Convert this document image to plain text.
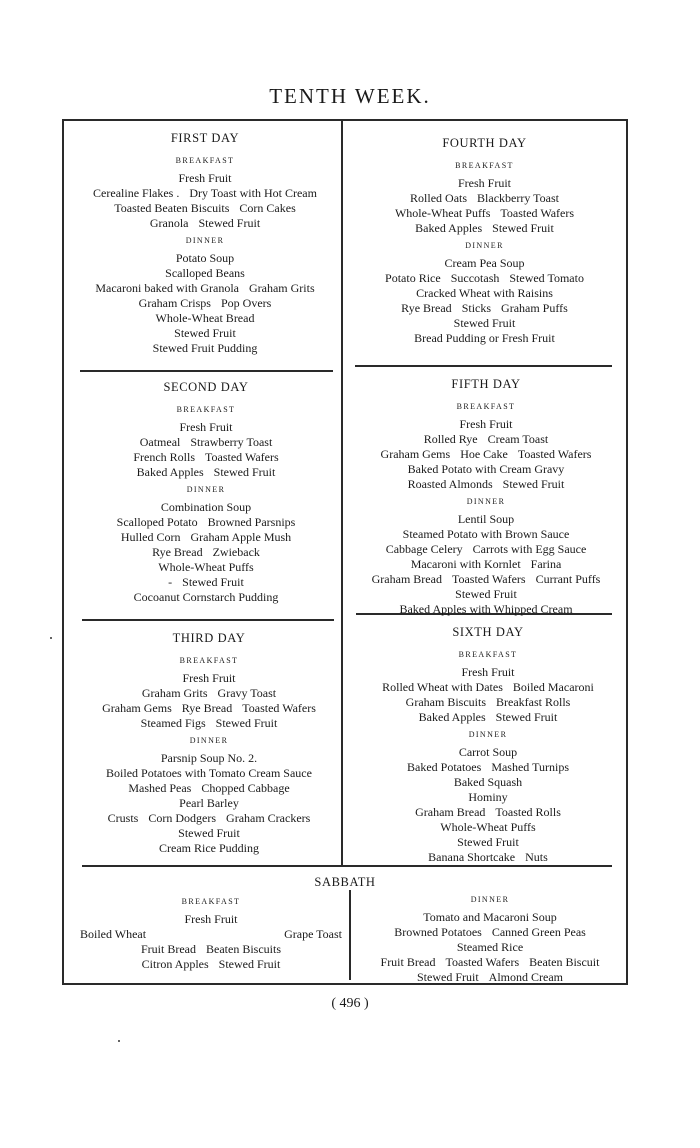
TENTH WEEK.
FIRST DAY
BREAKFAST
Fresh Fruit
Cerealine Flakes . Dry Toast with Hot Cream
Toasted Beaten Biscuits Corn Cakes
Granola Stewed Fruit
DINNER
Potato Soup
Scalloped Beans
Macaroni baked with Granola Graham Grits
Graham Crisps Pop Overs
Whole-Wheat Bread
Stewed Fruit
Stewed Fruit Pudding
FOURTH DAY
BREAKFAST
Fresh Fruit
Rolled Oats Blackberry Toast
Whole-Wheat Puffs Toasted Wafers
Baked Apples Stewed Fruit
DINNER
Cream Pea Soup
Potato Rice Succotash Stewed Tomato
Cracked Wheat with Raisins
Rye Bread Sticks Graham Puffs
Stewed Fruit
Bread Pudding or Fresh Fruit
SECOND DAY
BREAKFAST
Fresh Fruit
Oatmeal Strawberry Toast
French Rolls Toasted Wafers
Baked Apples Stewed Fruit
DINNER
Combination Soup
Scalloped Potato Browned Parsnips
Hulled Corn Graham Apple Mush
Rye Bread Zwieback
Whole-Wheat Puffs
- Stewed Fruit
Cocoanut Cornstarch Pudding
FIFTH DAY
BREAKFAST
Fresh Fruit
Rolled Rye Cream Toast
Graham Gems Hoe Cake Toasted Wafers
Baked Potato with Cream Gravy
Roasted Almonds Stewed Fruit
DINNER
Lentil Soup
Steamed Potato with Brown Sauce
Cabbage Celery Carrots with Egg Sauce
Macaroni with Kornlet Farina
Graham Bread Toasted Wafers Currant Puffs
Stewed Fruit
Baked Apples with Whipped Cream
THIRD DAY
BREAKFAST
Fresh Fruit
Graham Grits Gravy Toast
Graham Gems Rye Bread Toasted Wafers
Steamed Figs Stewed Fruit
DINNER
Parsnip Soup No. 2.
Boiled Potatoes with Tomato Cream Sauce
Mashed Peas Chopped Cabbage
Pearl Barley
Crusts Corn Dodgers Graham Crackers
Stewed Fruit
Cream Rice Pudding
SIXTH DAY
BREAKFAST
Fresh Fruit
Rolled Wheat with Dates Boiled Macaroni
Graham Biscuits Breakfast Rolls
Baked Apples Stewed Fruit
DINNER
Carrot Soup
Baked Potatoes Mashed Turnips
Baked Squash
Hominy
Graham Bread Toasted Rolls
Whole-Wheat Puffs
Stewed Fruit
Banana Shortcake Nuts
SABBATH
BREAKFAST
Fresh Fruit
Boiled Wheat	Grape Toast
Fruit Bread Beaten Biscuits
Citron Apples Stewed Fruit
DINNER
Tomato and Macaroni Soup
Browned Potatoes Canned Green Peas
Steamed Rice
Fruit Bread Toasted Wafers Beaten Biscuit
Stewed Fruit Almond Cream
( 496 )
